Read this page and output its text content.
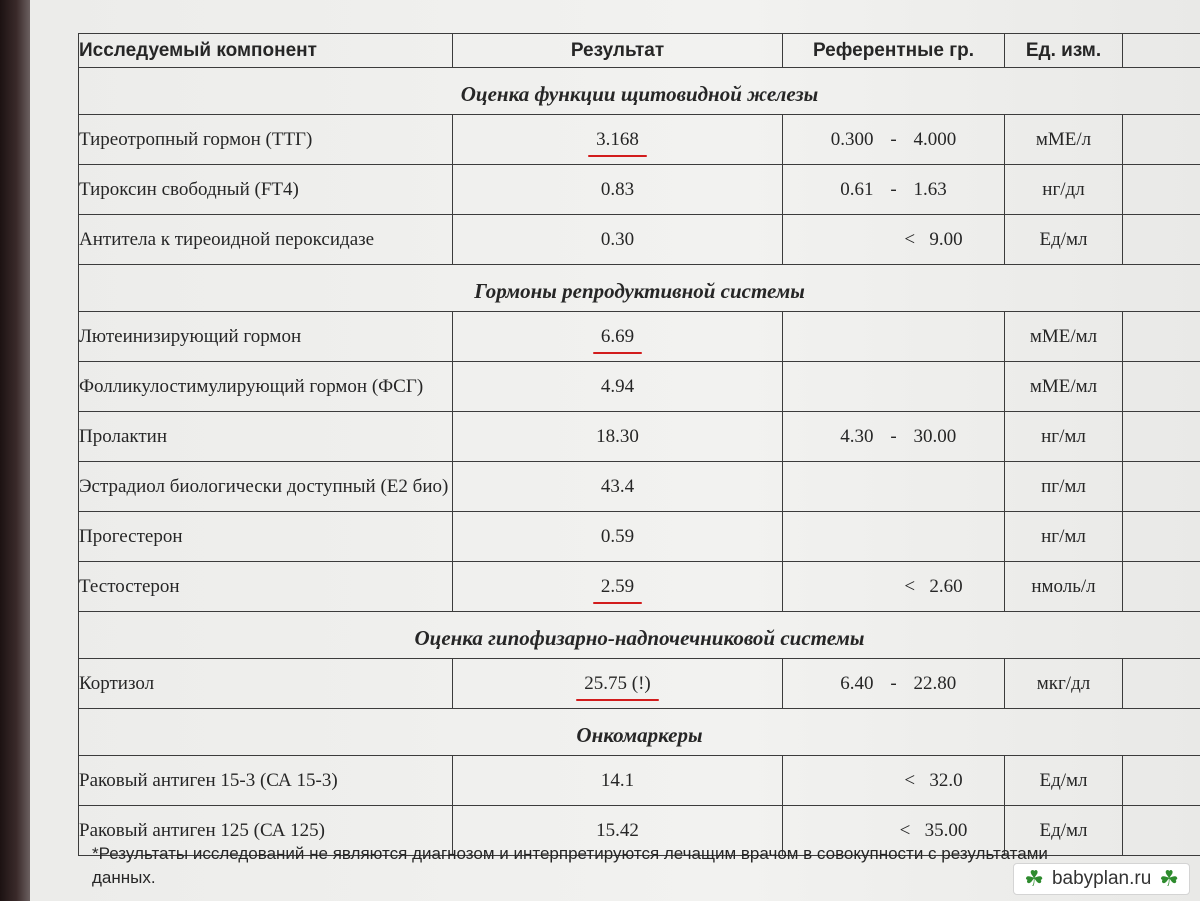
Исследуемый компонент	Результат	Референтные гр.	Ед. изм.	
Оценка функции щитовидной железы				
Тиреотропный гормон (ТТГ)	3.168	0.300 - 4.000	мМЕ/л	
Тироксин свободный (FT4)	0.83	0.61 - 1.63	нг/дл	
Антитела к тиреоидной пероксидазе	0.30	<   9.00	Ед/мл	
Гормоны репродуктивной системы				
Лютеинизирующий гормон	6.69		мМЕ/мл	
Фолликулостимулирующий гормон (ФСГ)	4.94		мМЕ/мл	
Пролактин	18.30	4.30 - 30.00	нг/мл	
Эстрадиол биологически доступный (Е2 био)	43.4		пг/мл	
Прогестерон	0.59		нг/мл	
Тестостерон	2.59	<   2.60	нмоль/л	
Оценка гипофизарно-надпочечниковой системы				
Кортизол	25.75 (!)	6.40 - 22.80	мкг/дл	
Онкомаркеры				
Раковый антиген 15-3 (СА 15-3)	14.1	<   32.0	Ед/мл	
Раковый антиген 125 (СА 125)	15.42	<   35.00	Ед/мл	
*Результаты исследований не являются диагнозом и интерпретируются лечащим врачом в совокупности с результатами
данных.	☘ babyplan.ru ☘
